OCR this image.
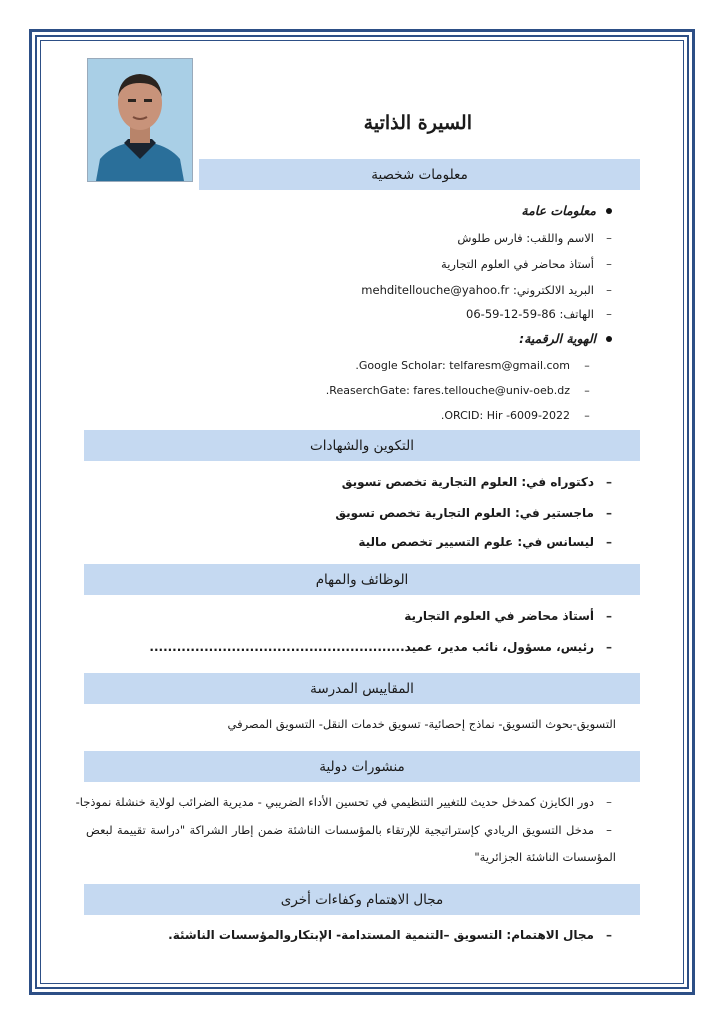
السيرة الذاتية
معلومات شخصية
معلومات عامة
–الاسم واللقب: فارس طلوش
–أستاذ محاضر في العلوم التجارية
–البريد الالكتروني: mehditellouche@yahoo.fr
–الهاتف: 86-59-12-59-06
الهوية الرقمية:
–Google Scholar: telfaresm@gmail.com.
–ReaserchGate: fares.tellouche@univ-oeb.dz.
–ORCID: Hir -6009-2022.
التكوين والشهادات
–دكتوراه في: العلوم التجارية تخصص تسويق
–ماجستير في: العلوم التجارية تخصص تسويق
–ليسانس في: علوم التسيير تخصص مالية
الوظائف والمهام
–أستاذ محاضر في العلوم التجارية
–رئيس، مسؤول، نائب مدير، عميد........................................................
المقاييس المدرسة
التسويق-بحوث التسويق- نماذج إحصائية- تسويق خدمات النقل- التسويق المصرفي
منشورات دولية
–دور الكايزن كمدخل حديث للتغيير التنظيمي في تحسين الأداء الضريبي - مديرية الضرائب لولاية خنشلة نموذجا-
–مدخل التسويق الريادي كإستراتيجية للإرتقاء بالمؤسسات الناشئة ضمن إطار الشراكة "دراسة تقييمة لبعض المؤسسات الناشئة الجزائرية"
مجال الاهتمام وكفاءات أخرى
–مجال الاهتمام: التسويق –التنمية المستدامة- الإبتكاروالمؤسسات الناشئة.
